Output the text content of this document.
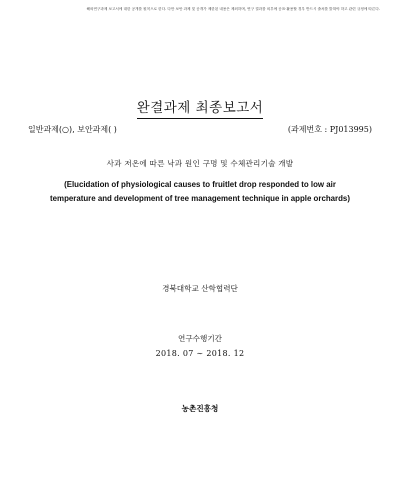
해외연구과제 보고서에 대한 공개를 원칙으로 한다. 다만 보안 과제 및 공개가 제한된 내용은 제외하며, 연구 결과를 외부에 공표·활용할 경우 반드시 출처를 밝혀야 하고 관련 규정에 따른다.
완결과제 최종보고서
일반과제(○), 보안과제( )	(과제번호 : PJ013995)
사과 저온에 따른 낙과 원인 구명 및 수체관리기술 개발
(Elucidation of physiological causes to fruitlet drop responded to low air
temperature and development of tree management technique in apple orchards)
경북대학교 산학협력단
연구수행기간
2018. 07 ∼ 2018. 12
농촌진흥청
